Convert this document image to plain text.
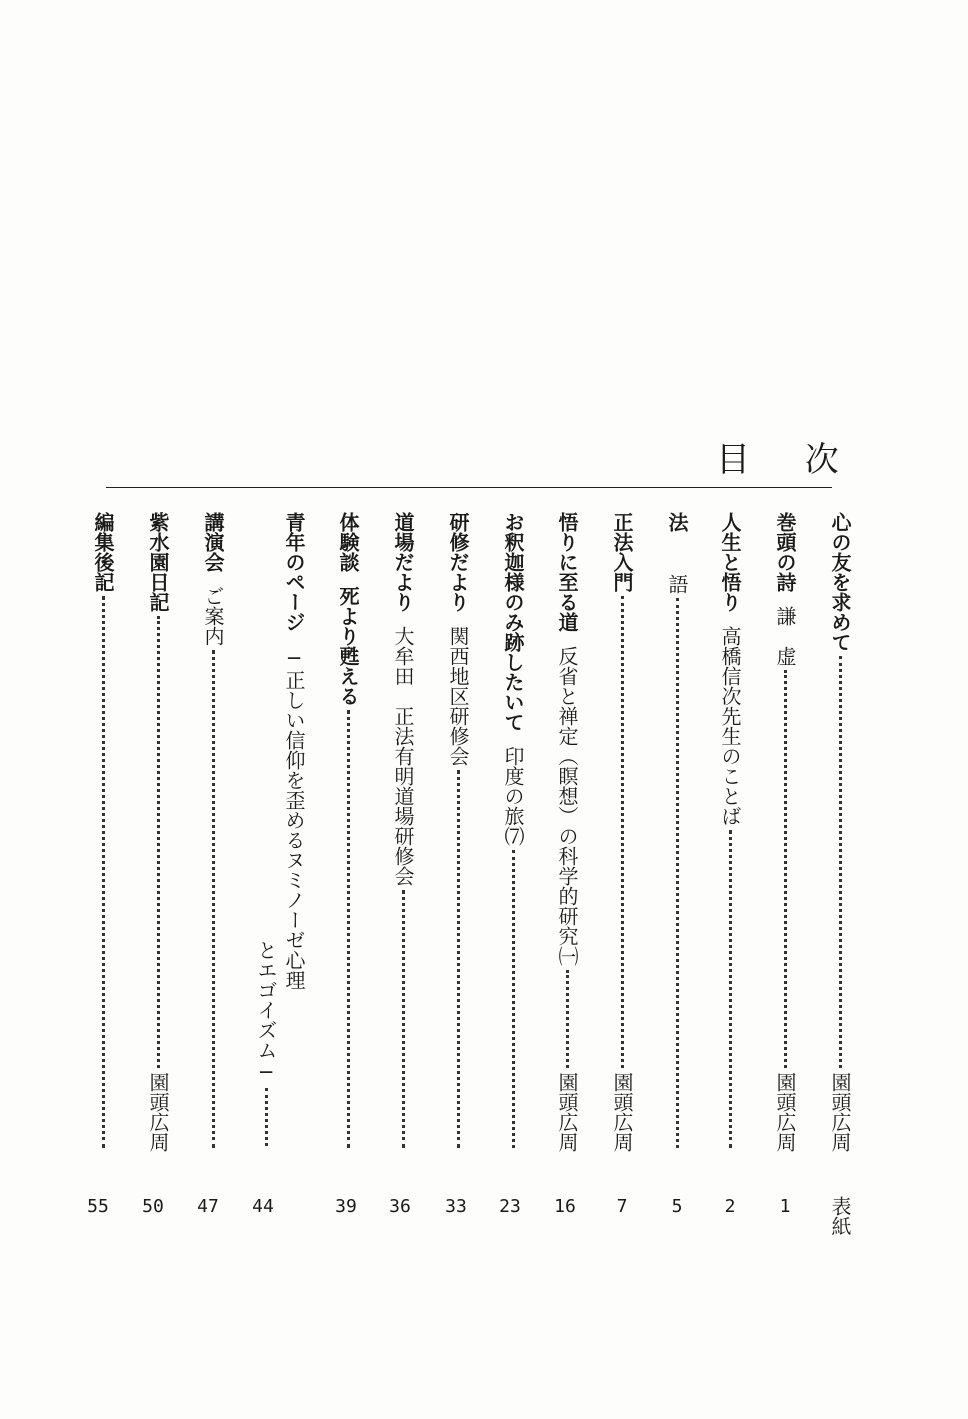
目 次
心の友を求めて
園頭広周
表紙
巻頭の詩
謙　虚
園頭広周
1
人生と悟り
高橋信次先生のことば
2
法
語
5
正法入門
園頭広周
7
悟りに至る道
反省と禅定︵瞑想︶の科学的研究㈠
園頭広周
16
お釈迦様のみ跡したいて
印度の旅⑺
23
研修だより
関西地区研修会
33
道場だより
大牟田　正法有明道場研修会
36
体験談
死より甦える
39
青年のページ
─正しい信仰を歪めるヌミノーゼ心理
とエゴイズム─
44
講演会
ご案内
47
紫水園日記
園頭広周
50
編集後記
55
